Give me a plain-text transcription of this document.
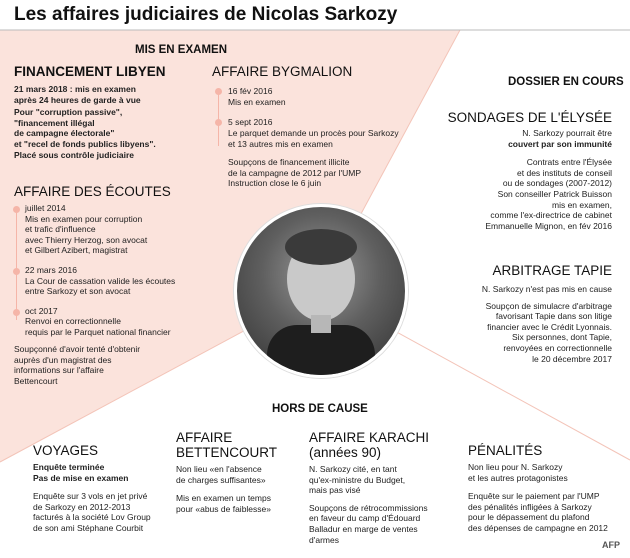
Les affaires judiciaires de Nicolas Sarkozy
MIS EN EXAMEN
DOSSIER EN COURS
HORS DE CAUSE
FINANCEMENT LIBYEN
21 mars 2018 : mis en examen
après 24 heures de garde à vue
Pour "corruption passive",
"financement illégal
de campagne électorale"
et "recel de fonds publics libyens".
Placé sous contrôle judiciaire
AFFAIRE BYGMALION
16 fév 2016
Mis en examen
5 sept 2016
Le parquet demande un procès pour Sarkozy
et 13 autres mis en examen
Soupçons de financement illicite
de la campagne de 2012 par l'UMP
Instruction close le 6 juin
AFFAIRE DES ÉCOUTES
juillet 2014
Mis en examen pour corruption
et trafic d'influence
avec Thierry Herzog, son avocat
et Gilbert Azibert, magistrat
22 mars 2016
La Cour de cassation valide les écoutes
entre Sarkozy et son avocat
oct 2017
Renvoi en correctionnelle
requis par le Parquet national financier
Soupçonné d'avoir tenté d'obtenir
auprès d'un magistrat des
informations sur l'affaire
Bettencourt
SONDAGES DE L'ÉLYSÉE
N. Sarkozy pourrait être
couvert par son immunité
Contrats entre l'Élysée
et des instituts de conseil
ou de sondages (2007-2012)
Son conseiller Patrick Buisson
mis en examen,
comme l'ex-directrice de cabinet
Emmanuelle Mignon, en fév 2016
ARBITRAGE TAPIE
N. Sarkozy n'est pas mis en cause
Soupçon de simulacre d'arbitrage
favorisant Tapie dans son litige
financier avec le Crédit Lyonnais.
Six personnes, dont Tapie,
renvoyées en correctionnelle
le 20 décembre 2017
VOYAGES
Enquête terminée
Pas de mise en examen
Enquête sur 3 vols en jet privé
de Sarkozy en 2012-2013
facturés à la société Lov Group
de son ami Stéphane Courbit
AFFAIRE
BETTENCOURT
Non lieu «en l'absence
de charges suffisantes»
Mis en examen un temps
pour «abus de faiblesse»
AFFAIRE KARACHI
(années 90)
N. Sarkozy cité, en tant
qu'ex-ministre du Budget,
mais pas visé
Soupçons de rétrocommissions
en faveur du camp d'Édouard
Balladur en marge de ventes
d'armes
PÉNALITÉS
Non lieu pour N. Sarkozy
et les autres protagonistes
Enquête sur le paiement par l'UMP
des pénalités infligées à Sarkozy
pour le dépassement du plafond
des dépenses de campagne en 2012
AFP
